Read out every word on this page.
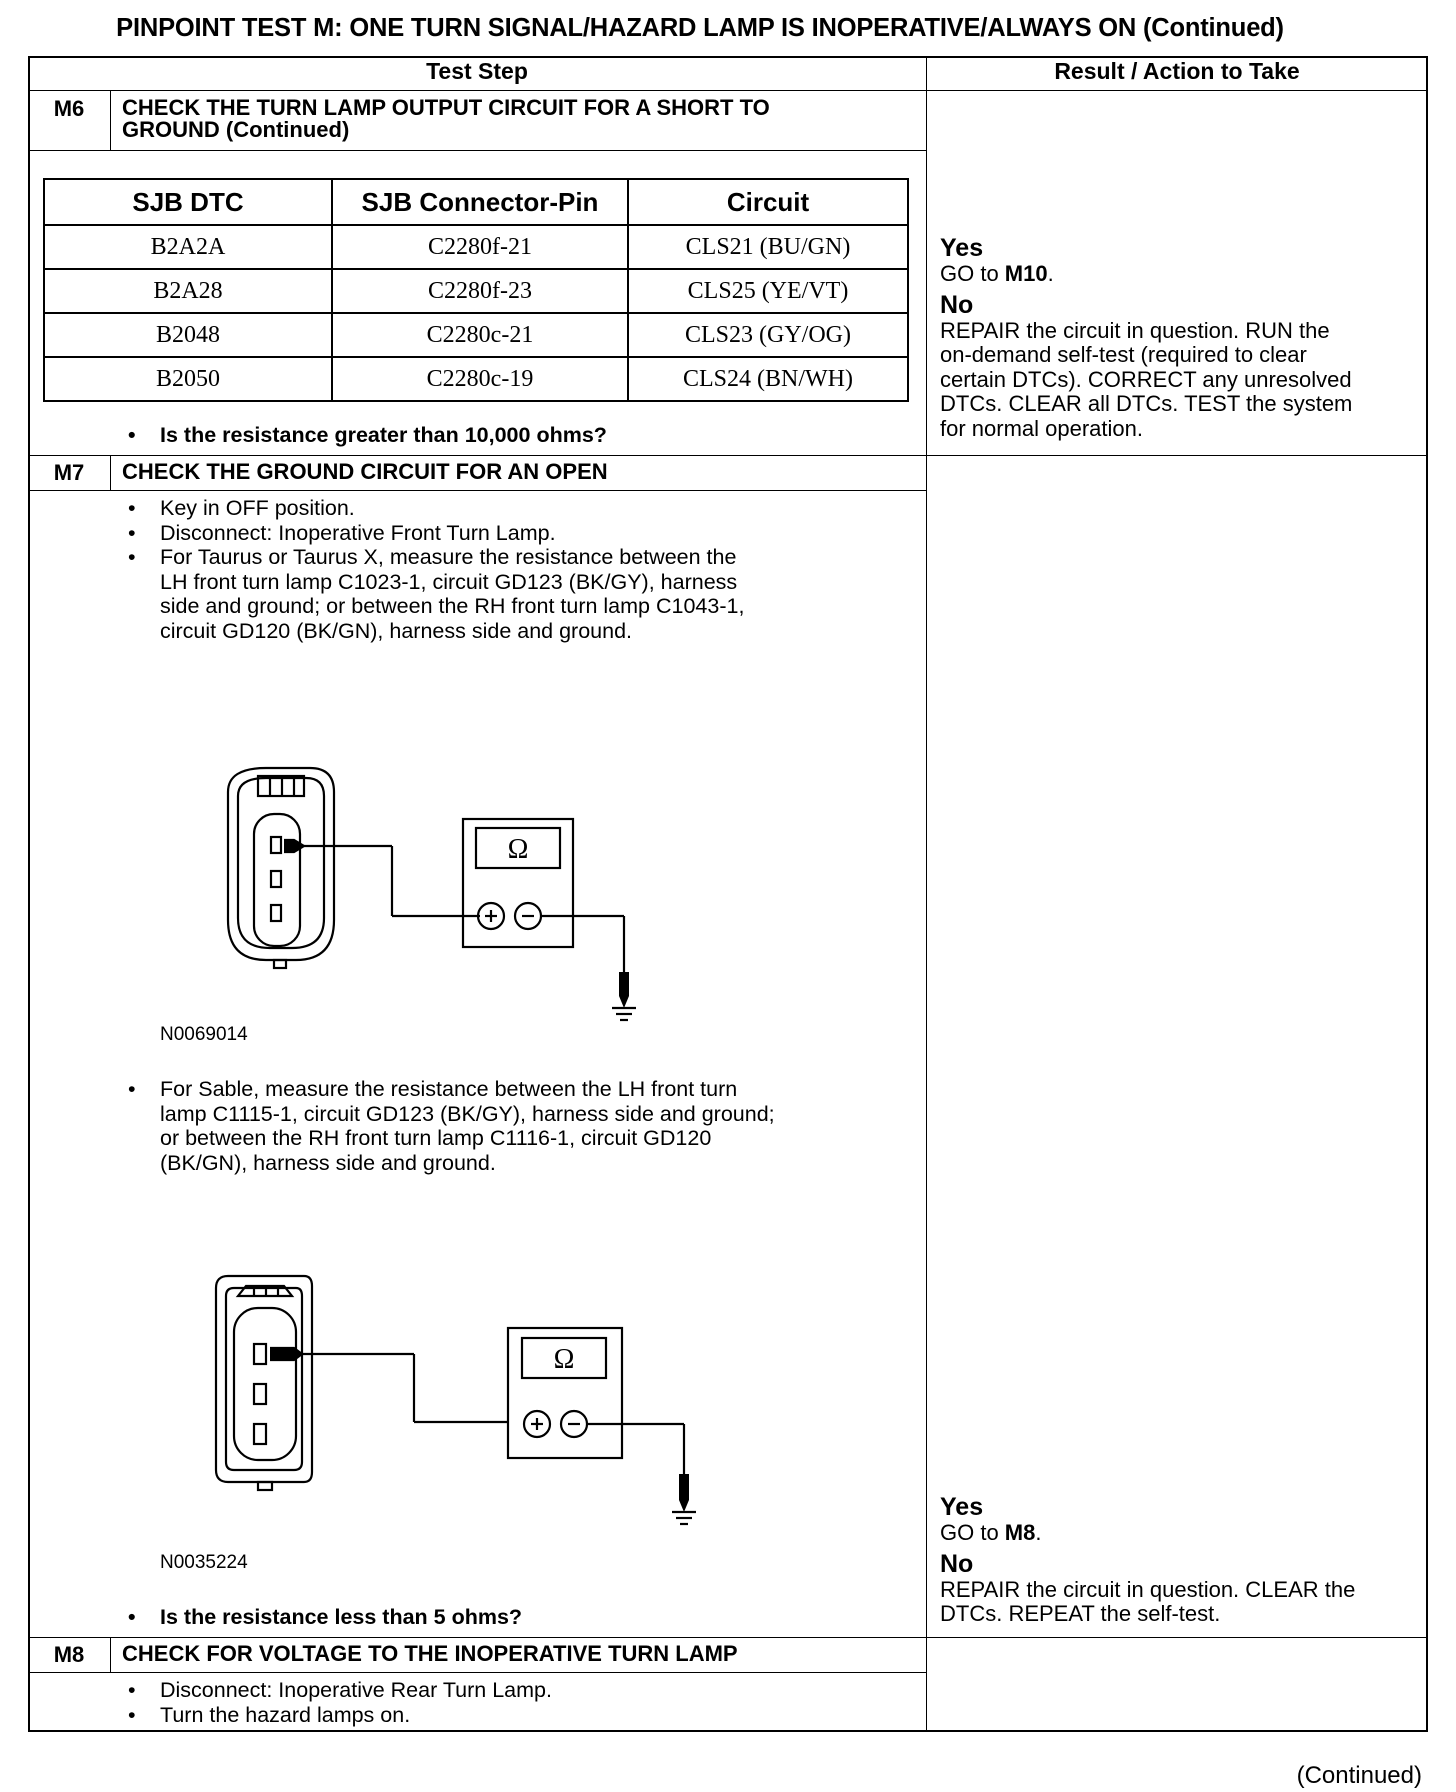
PINPOINT TEST M: ONE TURN SIGNAL/HAZARD LAMP IS INOPERATIVE/ALWAYS ON (Continued)
Test Step	Result / Action to Take
M6	CHECK THE TURN LAMP OUTPUT CIRCUIT FOR A SHORT TO
GROUND (Continued)
SJB DTC	SJB Connector-Pin	Circuit
B2A2A	C2280f-21	CLS21 (BU/GN)
B2A28	C2280f-23	CLS25 (YE/VT)
B2048	C2280c-21	CLS23 (GY/OG)
B2050	C2280c-19	CLS24 (BN/WH)
• Is the resistance greater than 10,000 ohms?
Yes
GO to M10.
No
REPAIR the circuit in question. RUN the
on-demand self-test (required to clear
certain DTCs). CORRECT any unresolved
DTCs. CLEAR all DTCs. TEST the system
for normal operation.
M7	CHECK THE GROUND CIRCUIT FOR AN OPEN
• Key in OFF position.
• Disconnect: Inoperative Front Turn Lamp.
• For Taurus or Taurus X, measure the resistance between the
LH front turn lamp C1023-1, circuit GD123 (BK/GY), harness
side and ground; or between the RH front turn lamp C1043-1,
circuit GD120 (BK/GN), harness side and ground.
Ω
N0069014
• For Sable, measure the resistance between the LH front turn
lamp C1115-1, circuit GD123 (BK/GY), harness side and ground;
or between the RH front turn lamp C1116-1, circuit GD120
(BK/GN), harness side and ground.
Ω
N0035224
• Is the resistance less than 5 ohms?
Yes
GO to M8.
No
REPAIR the circuit in question. CLEAR the
DTCs. REPEAT the self-test.
M8	CHECK FOR VOLTAGE TO THE INOPERATIVE TURN LAMP
• Disconnect: Inoperative Rear Turn Lamp.
• Turn the hazard lamps on.
(Continued)
